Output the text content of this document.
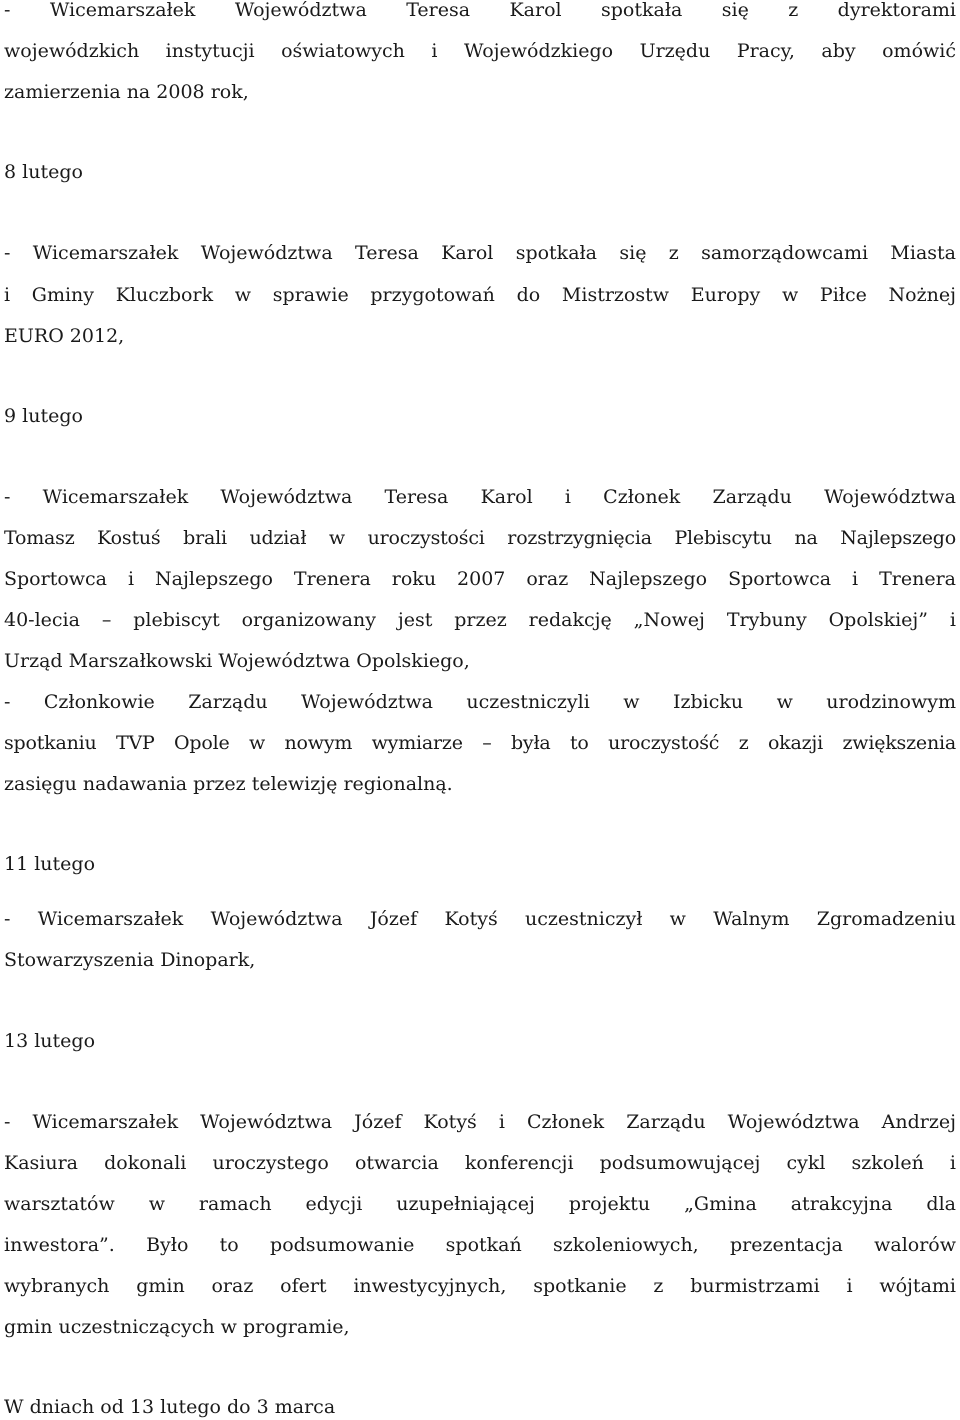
- Wicemarszałek Województwa Teresa Karol spotkała się z dyrektorami
wojewódzkich instytucji oświatowych i Wojewódzkiego Urzędu Pracy, aby omówić
zamierzenia na 2008 rok,
8 lutego
- Wicemarszałek Województwa Teresa Karol spotkała się z samorządowcami Miasta
i Gminy Kluczbork w sprawie przygotowań do Mistrzostw Europy w Piłce Nożnej
EURO 2012,
9 lutego
- Wicemarszałek Województwa Teresa Karol i Członek Zarządu Województwa
Tomasz Kostuś brali udział w uroczystości rozstrzygnięcia Plebiscytu na Najlepszego
Sportowca i Najlepszego Trenera roku 2007 oraz Najlepszego Sportowca i Trenera
40-lecia – plebiscyt organizowany jest przez redakcję „Nowej Trybuny Opolskiej” i
Urząd Marszałkowski Województwa Opolskiego,
- Członkowie Zarządu Województwa uczestniczyli w Izbicku w urodzinowym
spotkaniu TVP Opole w nowym wymiarze – była to uroczystość z okazji zwiększenia
zasięgu nadawania przez telewizję regionalną.
11 lutego
- Wicemarszałek Województwa Józef Kotyś uczestniczył w Walnym Zgromadzeniu
Stowarzyszenia Dinopark,
13 lutego
- Wicemarszałek Województwa Józef Kotyś i Członek Zarządu Województwa Andrzej
Kasiura dokonali uroczystego otwarcia konferencji podsumowującej cykl szkoleń i
warsztatów w ramach edycji uzupełniającej projektu „Gmina atrakcyjna dla
inwestora”. Było to podsumowanie spotkań szkoleniowych, prezentacja walorów
wybranych gmin oraz ofert inwestycyjnych, spotkanie z burmistrzami i wójtami
gmin uczestniczących w programie,
W dniach od 13 lutego do 3 marca
